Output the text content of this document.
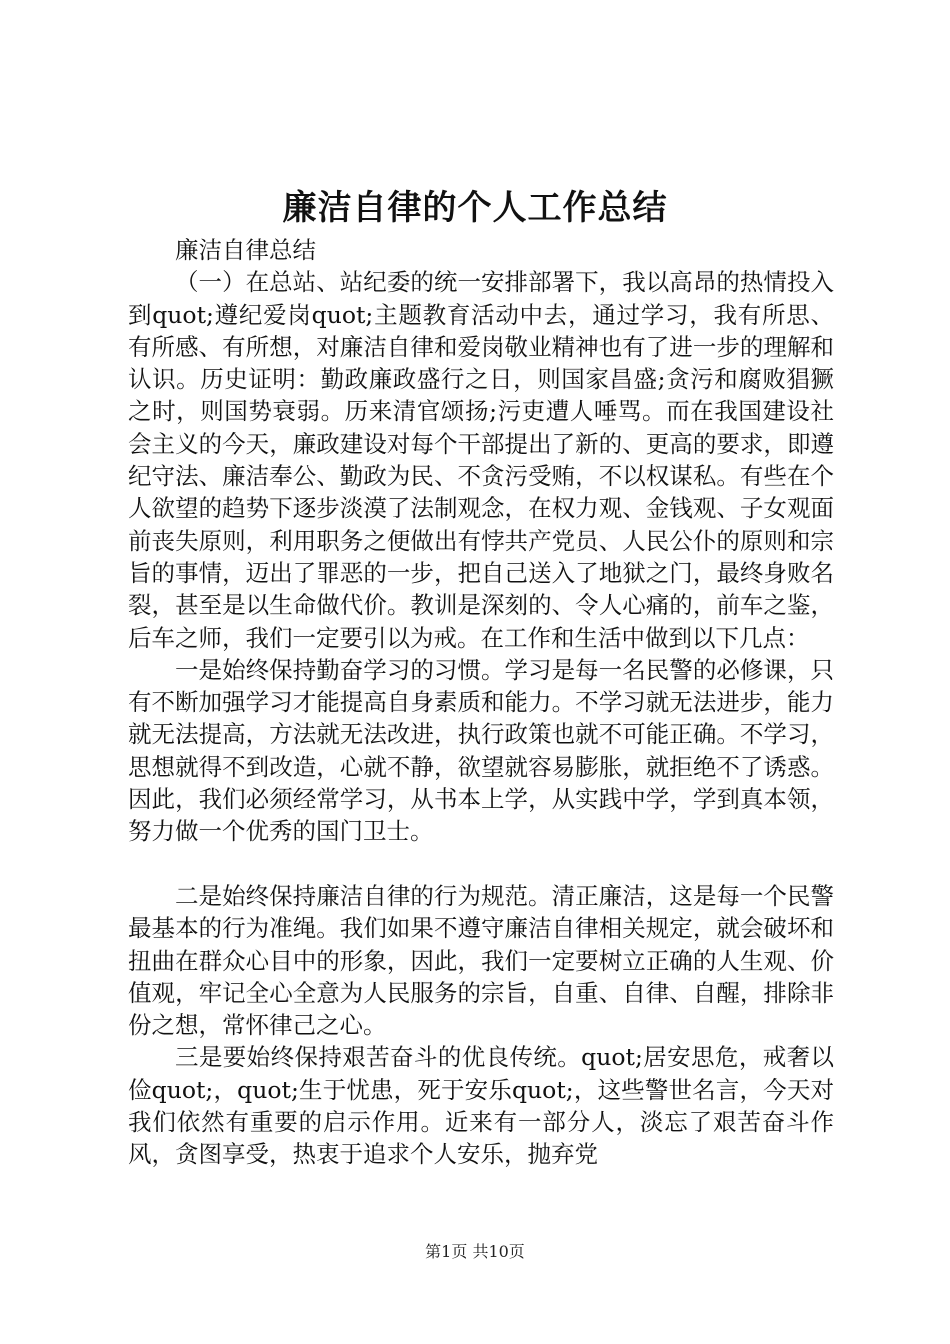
廉洁自律的个人工作总结

廉洁自律总结

（一）在总站、站纪委的统一安排部署下，我以高昂的热情投入到quot;遵纪爱岗quot;主题教育活动中去，通过学习，我有所思、有所感、有所想，对廉洁自律和爱岗敬业精神也有了进一步的理解和认识。历史证明：勤政廉政盛行之日，则国家昌盛;贪污和腐败猖獗之时，则国势衰弱。历来清官颂扬;污吏遭人唾骂。而在我国建设社会主义的今天，廉政建设对每个干部提出了新的、更高的要求，即遵纪守法、廉洁奉公、勤政为民、不贪污受贿，不以权谋私。有些在个人欲望的趋势下逐步淡漠了法制观念，在权力观、金钱观、子女观面前丧失原则，利用职务之便做出有悖共产党员、人民公仆的原则和宗旨的事情，迈出了罪恶的一步，把自己送入了地狱之门，最终身败名裂，甚至是以生命做代价。教训是深刻的、令人心痛的，前车之鉴，后车之师，我们一定要引以为戒。在工作和生活中做到以下几点：

一是始终保持勤奋学习的习惯。学习是每一名民警的必修课，只有不断加强学习才能提高自身素质和能力。不学习就无法进步，能力就无法提高，方法就无法改进，执行政策也就不可能正确。不学习，思想就得不到改造，心就不静，欲望就容易膨胀，就拒绝不了诱惑。因此，我们必须经常学习，从书本上学，从实践中学，学到真本领，努力做一个优秀的国门卫士。

二是始终保持廉洁自律的行为规范。清正廉洁，这是每一个民警最基本的行为准绳。我们如果不遵守廉洁自律相关规定，就会破坏和扭曲在群众心目中的形象，因此，我们一定要树立正确的人生观、价值观，牢记全心全意为人民服务的宗旨，自重、自律、自醒，排除非份之想，常怀律己之心。

三是要始终保持艰苦奋斗的优良传统。quot;居安思危，戒奢以俭quot;，quot;生于忧患，死于安乐quot;，这些警世名言，今天对我们依然有重要的启示作用。近来有一部分人，淡忘了艰苦奋斗作风，贪图享受，热衷于追求个人安乐，抛弃党

第1页 共10页
